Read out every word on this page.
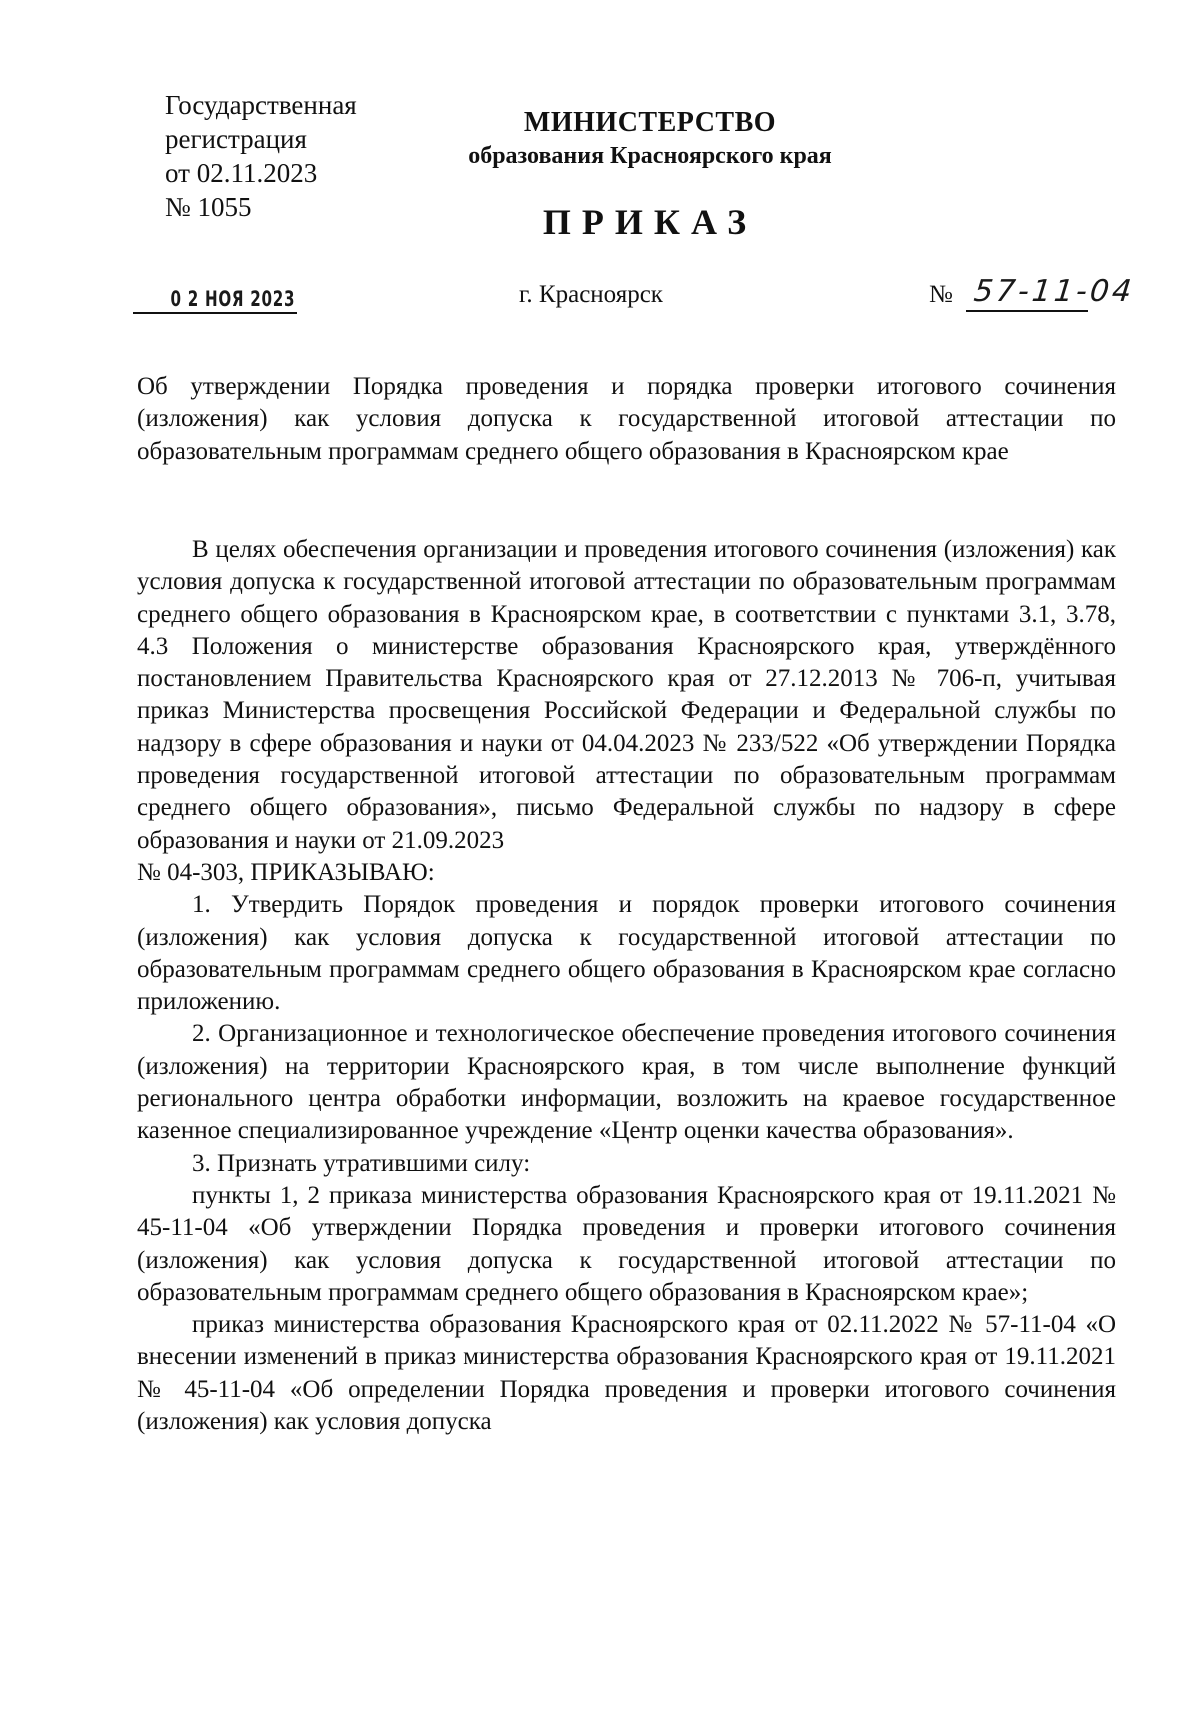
Государственная
регистрация
от 02.11.2023
№ 1055
МИНИСТЕРСТВО
образования Красноярского края
ПРИКАЗ
0 2 НОЯ 2023	г. Красноярск	№ 57-11-04
Об утверждении Порядка проведения и порядка проверки итогового сочинения (изложения) как условия допуска к государственной итоговой аттестации по образовательным программам среднего общего образования в Красноярском крае

В целях обеспечения организации и проведения итогового сочинения (изложения) как условия допуска к государственной итоговой аттестации по образовательным программам среднего общего образования в Красноярском крае, в соответствии с пунктами 3.1, 3.78, 4.3 Положения о министерстве образования Красноярского края, утверждённого постановлением Правительства Красноярского края от 27.12.2013 № 706-п, учитывая приказ Министерства просвещения Российской Федерации и Федеральной службы по надзору в сфере образования и науки от 04.04.2023 № 233/522 «Об утверждении Порядка проведения государственной итоговой аттестации по образовательным программам среднего общего образования», письмо Федеральной службы по надзору в сфере образования и науки от 21.09.2023

№ 04-303, ПРИКАЗЫВАЮ:

1. Утвердить Порядок проведения и порядок проверки итогового сочинения (изложения) как условия допуска к государственной итоговой аттестации по образовательным программам среднего общего образования в Красноярском крае согласно приложению.

2. Организационное и технологическое обеспечение проведения итогового сочинения (изложения) на территории Красноярского края, в том числе выполнение функций регионального центра обработки информации, возложить на краевое государственное казенное специализированное учреждение «Центр оценки качества образования».

3. Признать утратившими силу:

пункты 1, 2 приказа министерства образования Красноярского края от 19.11.2021 № 45-11-04 «Об утверждении Порядка проведения и проверки итогового сочинения (изложения) как условия допуска к государственной итоговой аттестации по образовательным программам среднего общего образования в Красноярском крае»;

приказ министерства образования Красноярского края от 02.11.2022 № 57-11-04 «О внесении изменений в приказ министерства образования Красноярского края от 19.11.2021 № 45-11-04 «Об определении Порядка проведения и проверки итогового сочинения (изложения) как условия допуска
